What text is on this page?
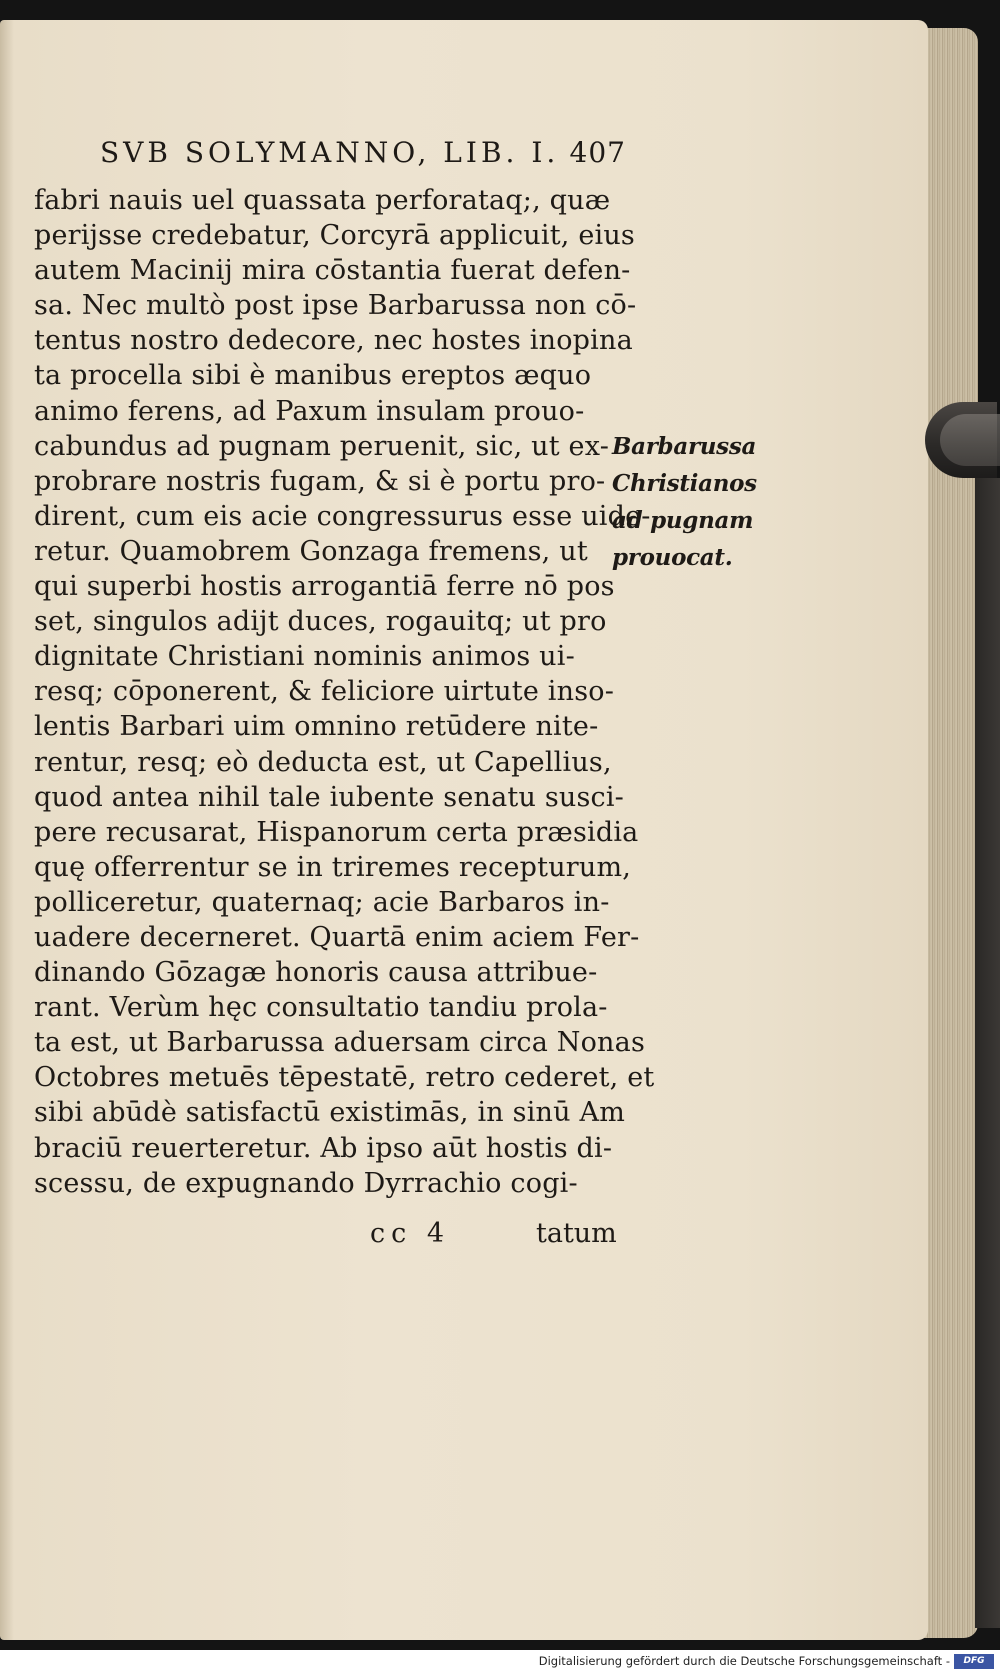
SVB SOLYMANNO, LIB. I. 407
fabri nauis uel quassata perforataq;, quæ
perijsse credebatur, Corcyrā applicuit, eius
autem Macinij mira cōstantia fuerat defen-
sa. Nec multò post ipse Barbarussa non cō-
tentus nostro dedecore, nec hostes inopina
ta procella sibi è manibus ereptos æquo
animo ferens, ad Paxum insulam prouo-
cabundus ad pugnam peruenit, sic, ut ex-
probrare nostris fugam, & si è portu pro-
dirent, cum eis acie congressurus esse uide-
retur. Quamobrem Gonzaga fremens, ut
qui superbi hostis arrogantiā ferre nō pos
set, singulos adijt duces, rogauitq; ut pro
dignitate Christiani nominis animos ui-
resq; cōponerent, & feliciore uirtute inso-
lentis Barbari uim omnino retūdere nite-
rentur, resq; eò deducta est, ut Capellius,
quod antea nihil tale iubente senatu susci-
pere recusarat, Hispanorum certa præsidia
quę offerrentur se in triremes recepturum,
polliceretur, quaternaq; acie Barbaros in-
uadere decerneret. Quartā enim aciem Fer-
dinando Gōzagæ honoris causa attribue-
rant. Verùm hęc consultatio tandiu prola-
ta est, ut Barbarussa aduersam circa Nonas
Octobres metuēs tēpestatē, retro cederet, et
sibi abūdè satisfactū existimās, in sinū Am
braciū reuerteretur. Ab ipso aūt hostis di-
scessu, de expugnando Dyrrachio cogi-
Barbarussa
Christianos
ad pugnam
prouocat.
cc 4	tatum
Digitalisierung gefördert durch die Deutsche Forschungsgemeinschaft -	DFG
